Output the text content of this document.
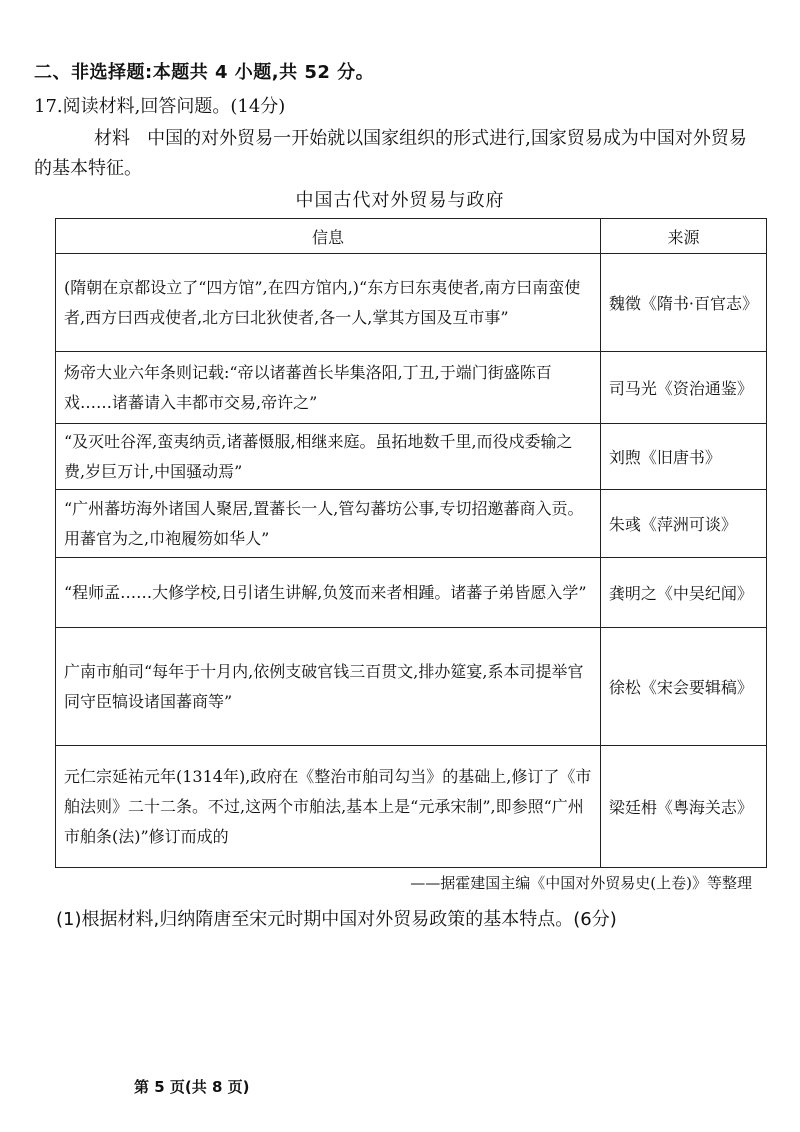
二、非选择题:本题共 4 小题,共 52 分。
17.阅读材料,回答问题。(14分)
材料 中国的对外贸易一开始就以国家组织的形式进行,国家贸易成为中国对外贸易的基本特征。
中国古代对外贸易与政府
信息	来源
(隋朝在京都设立了“四方馆”,在四方馆内,)“东方曰东夷使者,南方曰南蛮使者,西方曰西戎使者,北方曰北狄使者,各一人,掌其方国及互市事”	魏徵《隋书·百官志》
炀帝大业六年条则记载:“帝以诸蕃酋长毕集洛阳,丁丑,于端门街盛陈百戏……诸蕃请入丰都市交易,帝许之”	司马光《资治通鉴》
“及灭吐谷浑,蛮夷纳贡,诸蕃慑服,相继来庭。虽拓地数千里,而役戍委输之费,岁巨万计,中国骚动焉”	刘煦《旧唐书》
“广州蕃坊海外诸国人聚居,置蕃长一人,管勾蕃坊公事,专切招邀蕃商入贡。用蕃官为之,巾袍履笏如华人”	朱彧《萍洲可谈》
“程师孟……大修学校,日引诸生讲解,负笈而来者相踵。诸蕃子弟皆愿入学”	龚明之《中吴纪闻》
广南市舶司“每年于十月内,依例支破官钱三百贯文,排办筵宴,系本司提举官同守臣犒设诸国蕃商等”	徐松《宋会要辑稿》
元仁宗延祐元年(1314年),政府在《整治市舶司勾当》的基础上,修订了《市舶法则》二十二条。不过,这两个市舶法,基本上是“元承宋制”,即参照“广州市舶条(法)”修订而成的	梁廷枏《粤海关志》
——据霍建国主编《中国对外贸易史(上卷)》等整理
(1)根据材料,归纳隋唐至宋元时期中国对外贸易政策的基本特点。(6分)
第 5 页(共 8 页)
